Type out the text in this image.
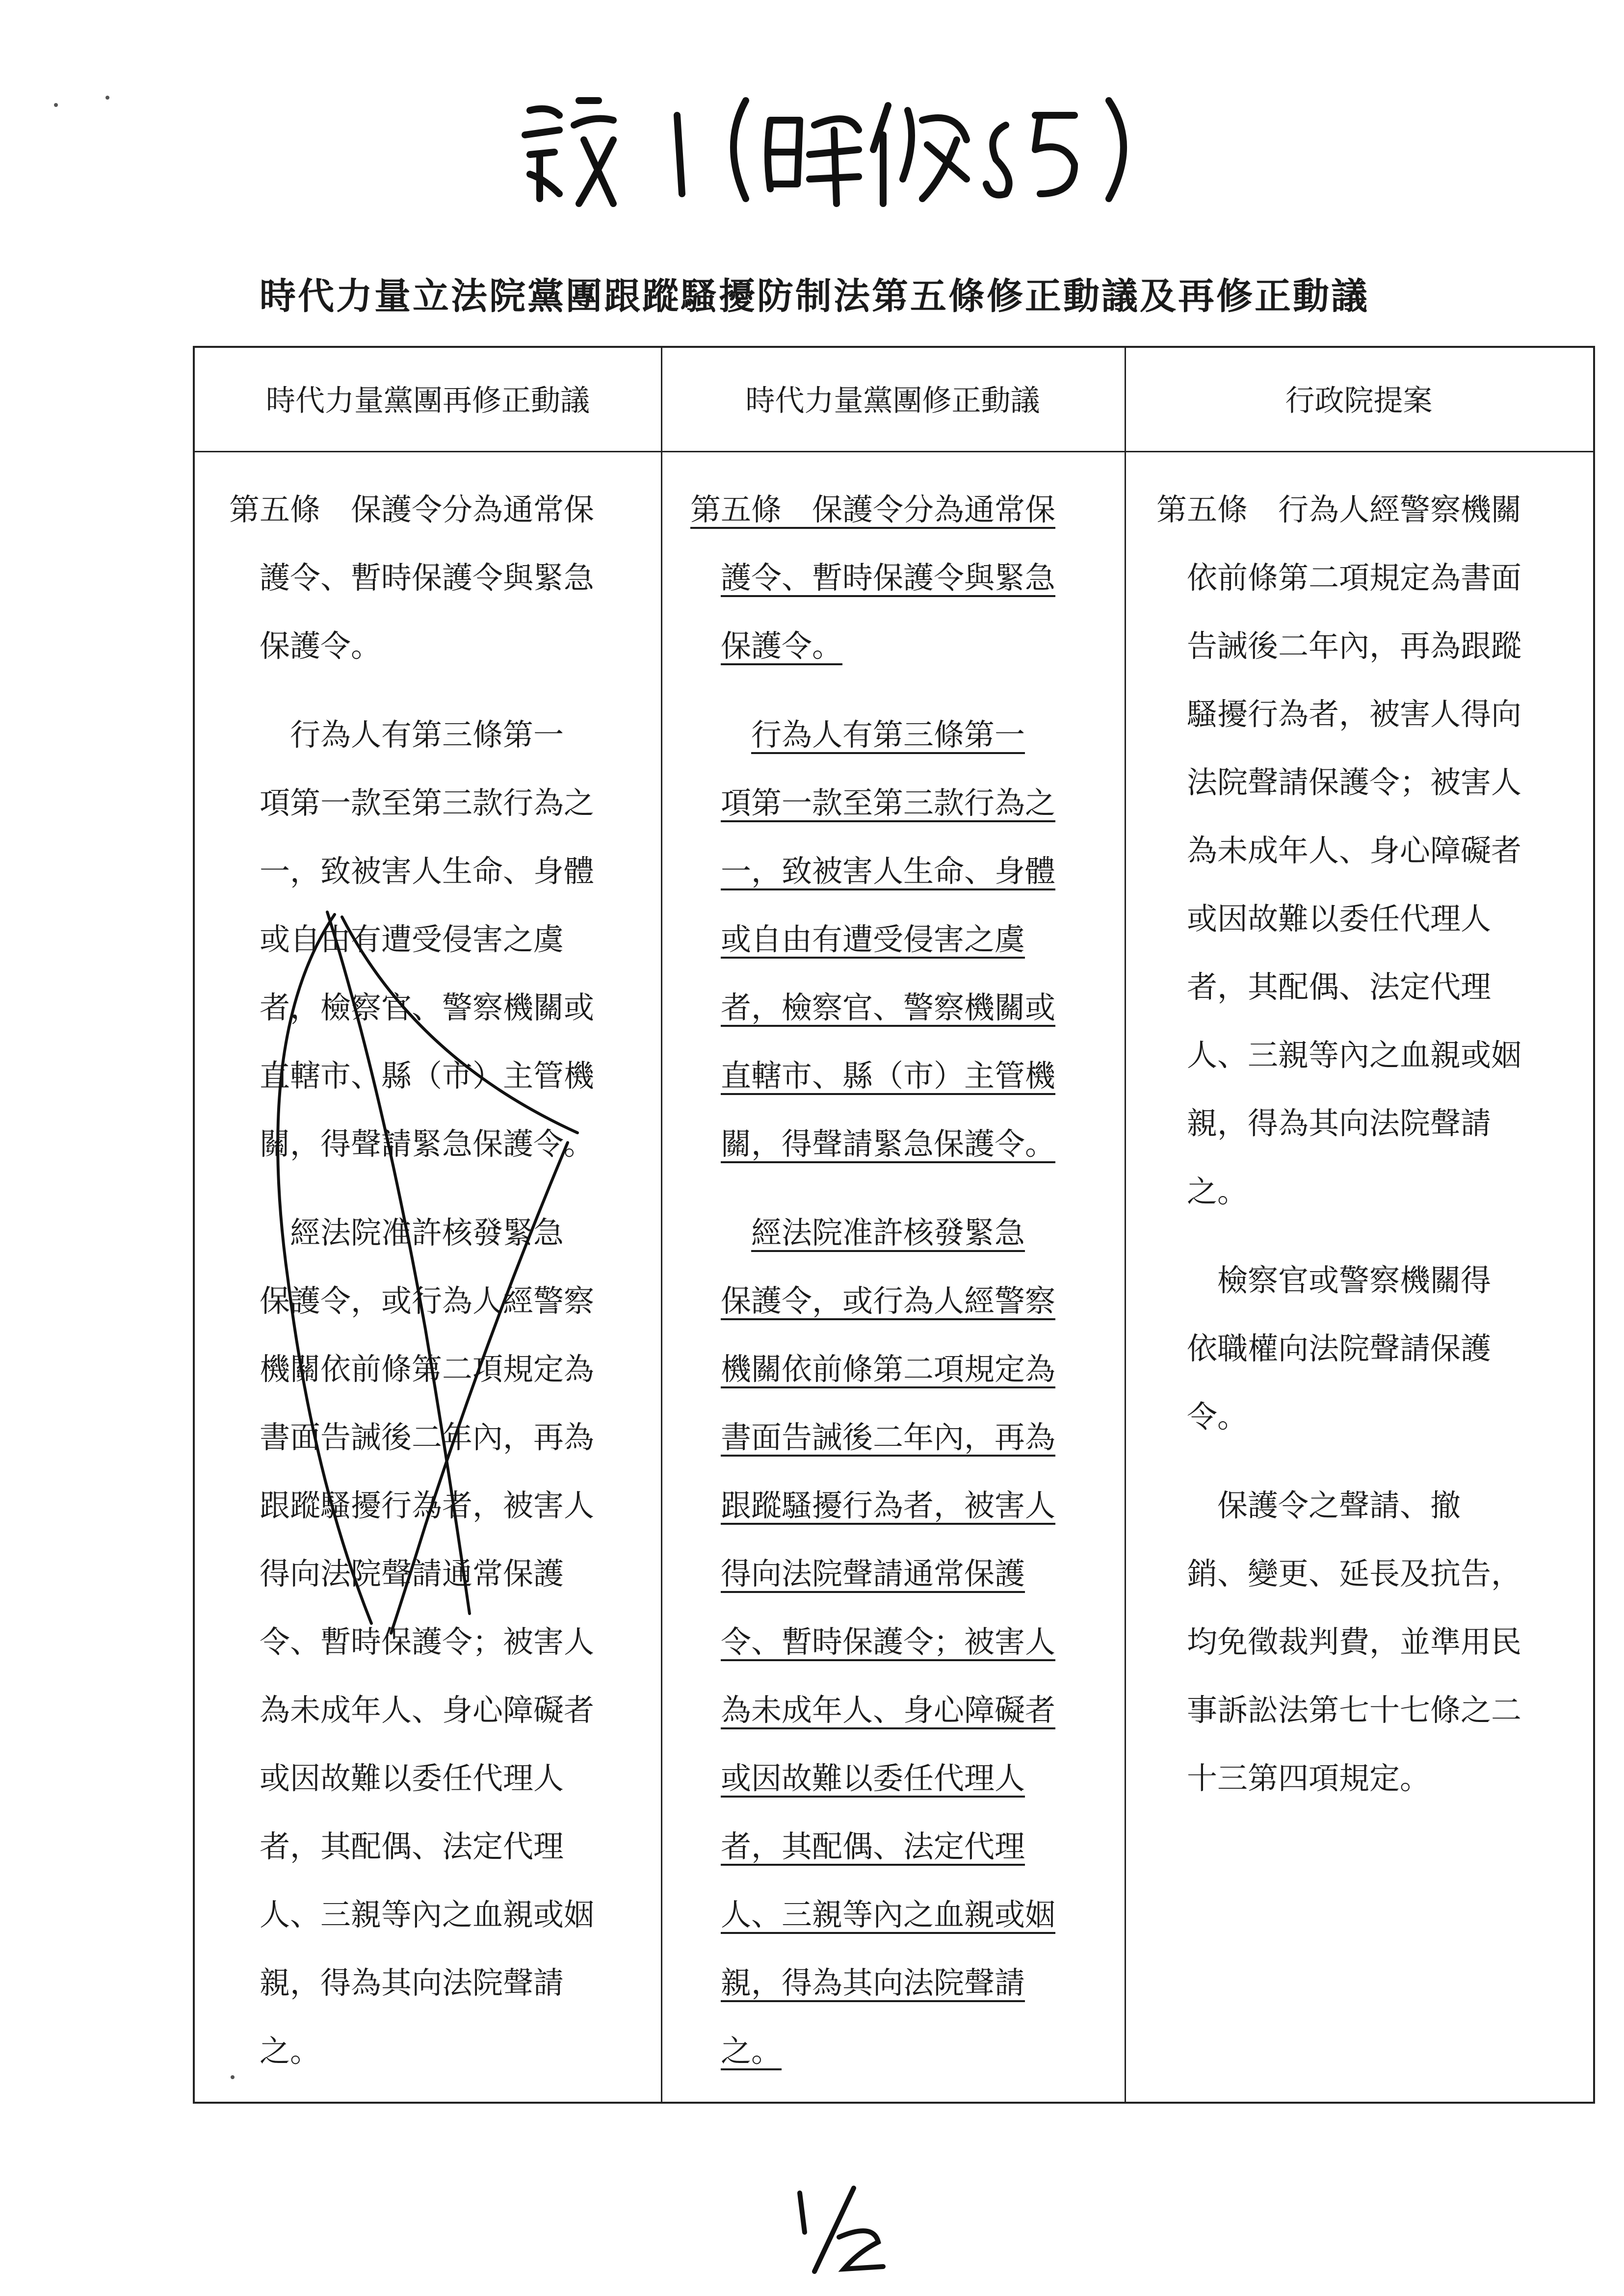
時代力量立法院黨團跟蹤騷擾防制法第五條修正動議及再修正動議
時代力量黨團再修正動議	時代力量黨團修正動議	行政院提案
第五條　保護令分為通常保
護令、暫時保護令與緊急
保護令。
行為人有第三條第一
項第一款至第三款行為之
一，致被害人生命、身體
或自由有遭受侵害之虞
者，檢察官、警察機關或
直轄市、縣（市）主管機
關，得聲請緊急保護令。
經法院准許核發緊急
保護令，或行為人經警察
機關依前條第二項規定為
書面告誡後二年內，再為
跟蹤騷擾行為者，被害人
得向法院聲請通常保護
令、暫時保護令；被害人
為未成年人、身心障礙者
或因故難以委任代理人
者，其配偶、法定代理
人、三親等內之血親或姻
親，得為其向法院聲請
之。
第五條　保護令分為通常保
護令、暫時保護令與緊急
保護令。
行為人有第三條第一
項第一款至第三款行為之
一，致被害人生命、身體
或自由有遭受侵害之虞
者，檢察官、警察機關或
直轄市、縣（市）主管機
關，得聲請緊急保護令。
經法院准許核發緊急
保護令，或行為人經警察
機關依前條第二項規定為
書面告誡後二年內，再為
跟蹤騷擾行為者，被害人
得向法院聲請通常保護
令、暫時保護令；被害人
為未成年人、身心障礙者
或因故難以委任代理人
者，其配偶、法定代理
人、三親等內之血親或姻
親，得為其向法院聲請
之。
第五條　行為人經警察機關
依前條第二項規定為書面
告誡後二年內，再為跟蹤
騷擾行為者，被害人得向
法院聲請保護令；被害人
為未成年人、身心障礙者
或因故難以委任代理人
者，其配偶、法定代理
人、三親等內之血親或姻
親，得為其向法院聲請
之。
檢察官或警察機關得
依職權向法院聲請保護
令。
保護令之聲請、撤
銷、變更、延長及抗告，
均免徵裁判費，並準用民
事訴訟法第七十七條之二
十三第四項規定。
